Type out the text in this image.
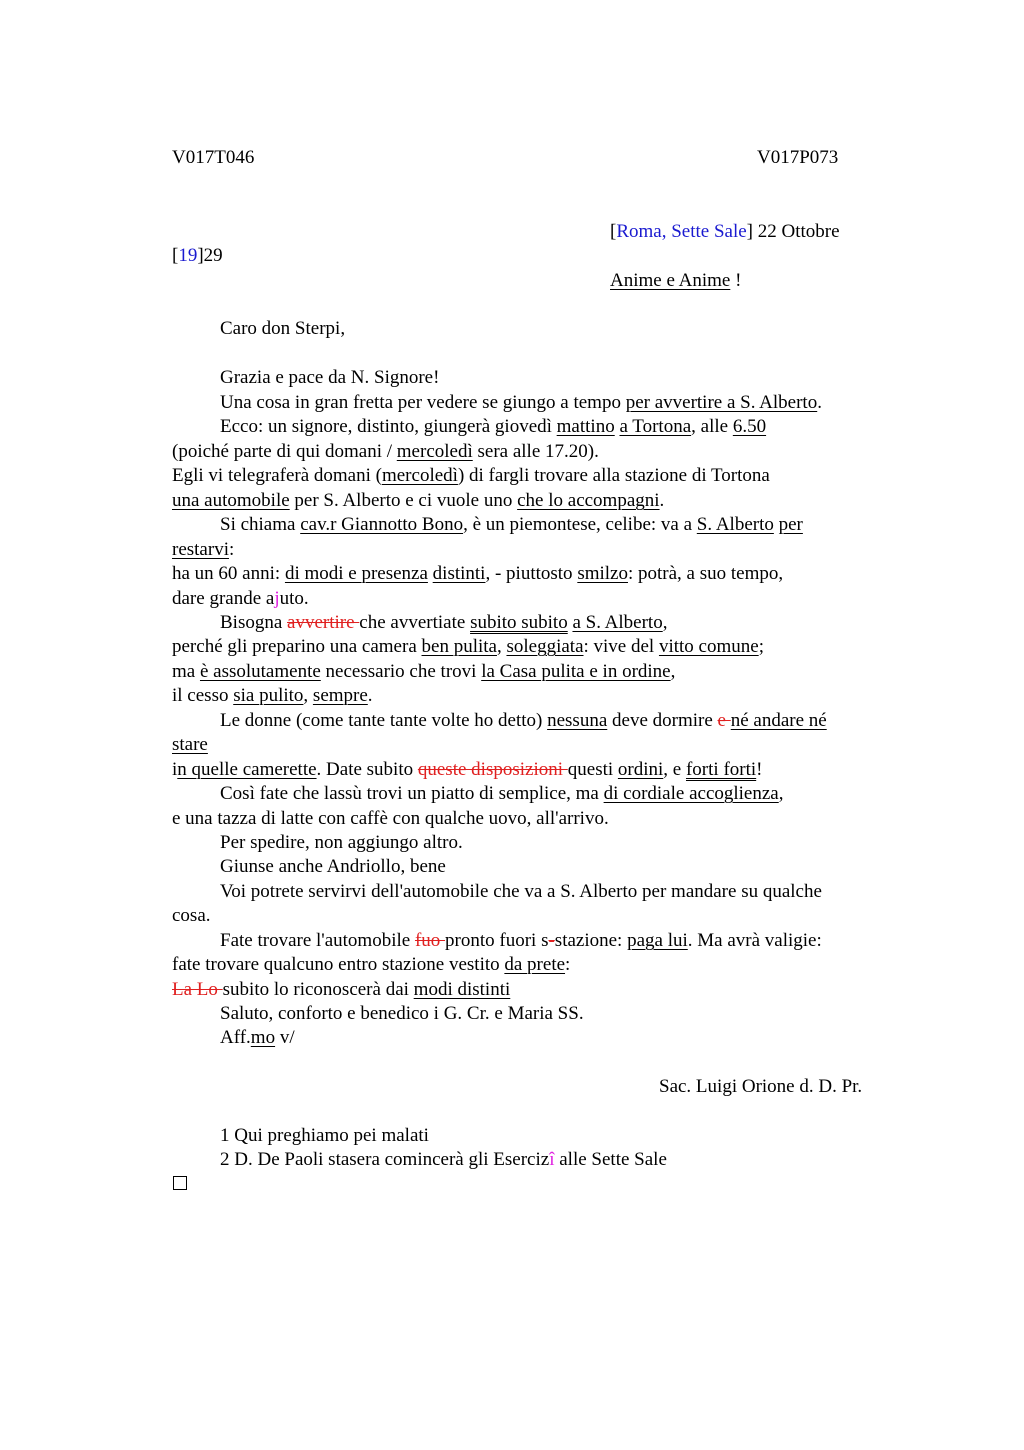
V017T046	V017P073
[Roma, Sette Sale] 22 Ottobre
[19]29
Anime e Anime !
Caro don Sterpi,
Grazia e pace da N. Signore!
Una cosa in gran fretta per vedere se giungo a tempo per avvertire a S. Alberto.
Ecco: un signore, distinto, giungerà giovedì mattino a Tortona, alle 6.50
(poiché parte di qui domani / mercoledì sera alle 17.20).
Egli vi telegraferà domani (mercoledì) di fargli trovare alla stazione di Tortona
una automobile per S. Alberto e ci vuole uno che lo accompagni.
Si chiama cav.r Giannotto Bono, è un piemontese, celibe: va a S. Alberto per
restarvi:
ha un 60 anni: di modi e presenza distinti, - piuttosto smilzo: potrà, a suo tempo,
dare grande ajuto.
Bisogna avvertire che avvertiate subito subito a S. Alberto,
perché gli preparino una camera ben pulita, soleggiata: vive del vitto comune;
ma è assolutamente necessario che trovi la Casa pulita e in ordine,
il cesso sia pulito, sempre.
Le donne (come tante tante volte ho detto) nessuna deve dormire e né andare né
stare
in quelle camerette. Date subito queste disposizioni questi ordini, e forti forti!
Così fate che lassù trovi un piatto di semplice, ma di cordiale accoglienza,
e una tazza di latte con caffè con qualche uovo, all'arrivo.
Per spedire, non aggiungo altro.
Giunse anche Andriollo, bene
Voi potrete servirvi dell'automobile che va a S. Alberto per mandare su qualche
cosa.
Fate trovare l'automobile fuo pronto fuori s-stazione: paga lui. Ma avrà valigie:
fate trovare qualcuno entro stazione vestito da prete:
La Lo subito lo riconoscerà dai modi distinti
Saluto, conforto e benedico i G. Cr. e Maria SS.
Aff.mo v/
Sac. Luigi Orione d. D. Pr.
1 Qui preghiamo pei malati
2 D. De Paoli stasera comincerà gli Esercizî alle Sette Sale
